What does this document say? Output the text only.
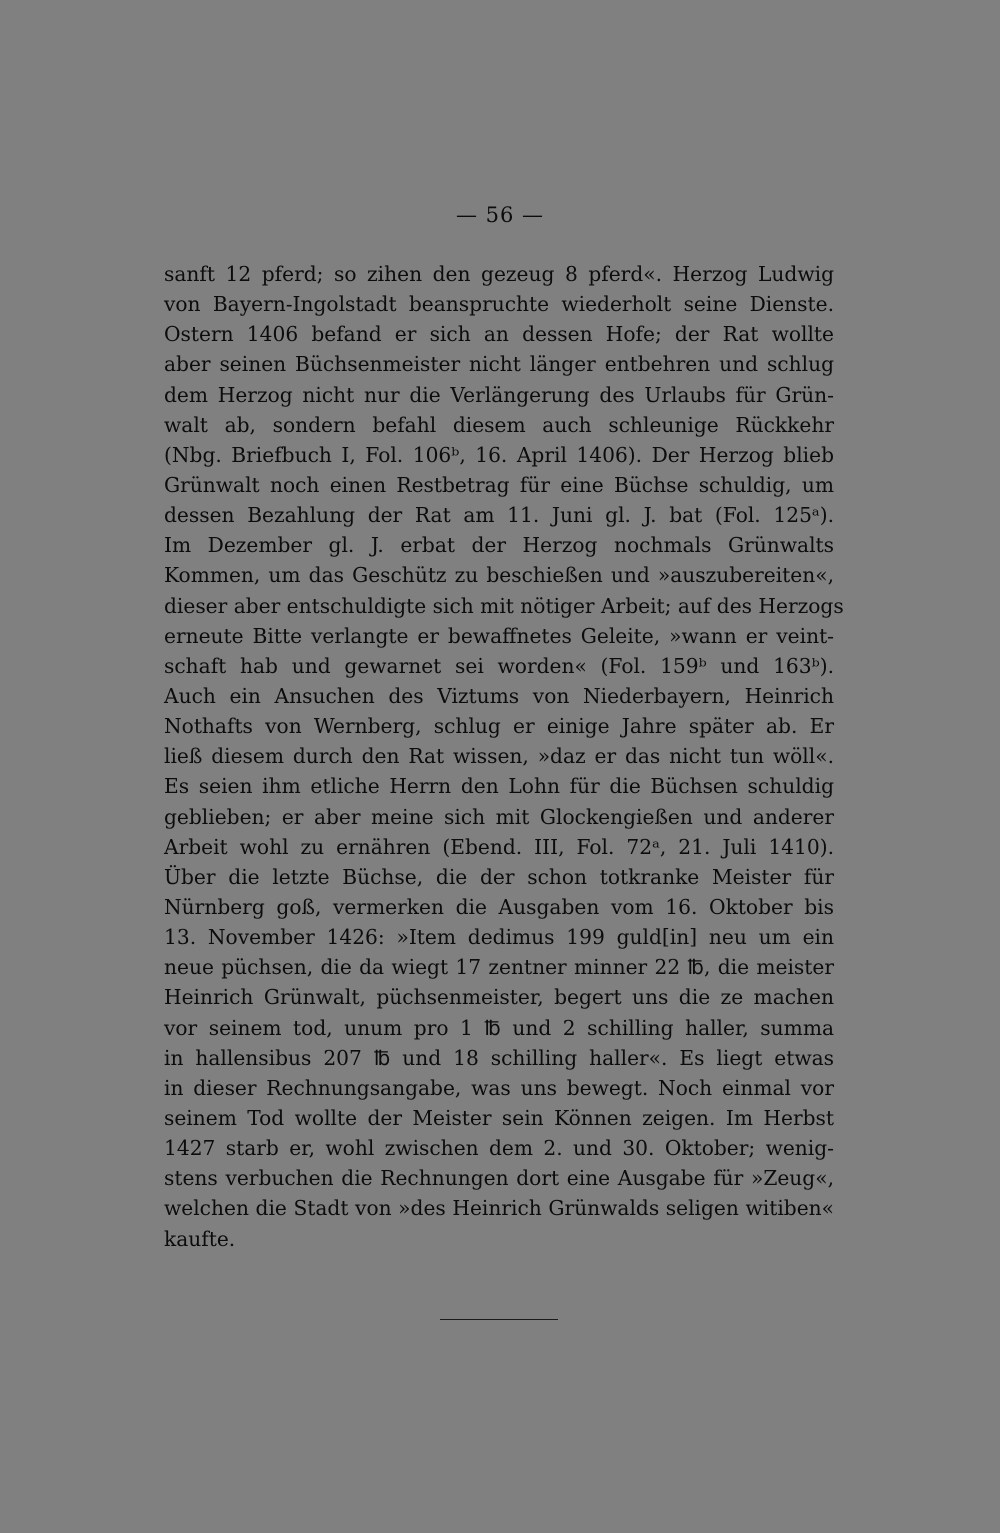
— 56 —
sanft 12 pferd; so zihen den gezeug 8 pferd«. Herzog Ludwig
von Bayern-Ingolstadt beanspruchte wiederholt seine Dienste.
Ostern 1406 befand er sich an dessen Hofe; der Rat wollte
aber seinen Büchsenmeister nicht länger entbehren und schlug
dem Herzog nicht nur die Verlängerung des Urlaubs für Grün-
walt ab, sondern befahl diesem auch schleunige Rückkehr
(Nbg. Briefbuch I, Fol. 106ᵇ, 16. April 1406). Der Herzog blieb
Grünwalt noch einen Restbetrag für eine Büchse schuldig, um
dessen Bezahlung der Rat am 11. Juni gl. J. bat (Fol. 125ᵃ).
Im Dezember gl. J. erbat der Herzog nochmals Grünwalts
Kommen, um das Geschütz zu beschießen und »auszubereiten«,
dieser aber entschuldigte sich mit nötiger Arbeit; auf des Herzogs
erneute Bitte verlangte er bewaffnetes Geleite, »wann er veint-
schaft hab und gewarnet sei worden« (Fol. 159ᵇ und 163ᵇ).
Auch ein Ansuchen des Viztums von Niederbayern, Heinrich
Nothafts von Wernberg, schlug er einige Jahre später ab. Er
ließ diesem durch den Rat wissen, »daz er das nicht tun wöll«.
Es seien ihm etliche Herrn den Lohn für die Büchsen schuldig
geblieben; er aber meine sich mit Glockengießen und anderer
Arbeit wohl zu ernähren (Ebend. III, Fol. 72ᵃ, 21. Juli 1410).
Über die letzte Büchse, die der schon totkranke Meister für
Nürnberg goß, vermerken die Ausgaben vom 16. Oktober bis
13. November 1426: »Item dedimus 199 guld[in] neu um ein
neue püchsen, die da wiegt 17 zentner minner 22 ℔, die meister
Heinrich Grünwalt, püchsenmeister, begert uns die ze machen
vor seinem tod, unum pro 1 ℔ und 2 schilling haller, summa
in hallensibus 207 ℔ und 18 schilling haller«. Es liegt etwas
in dieser Rechnungsangabe, was uns bewegt. Noch einmal vor
seinem Tod wollte der Meister sein Können zeigen. Im Herbst
1427 starb er, wohl zwischen dem 2. und 30. Oktober; wenig-
stens verbuchen die Rechnungen dort eine Ausgabe für »Zeug«,
welchen die Stadt von »des Heinrich Grünwalds seligen witiben«
kaufte.
